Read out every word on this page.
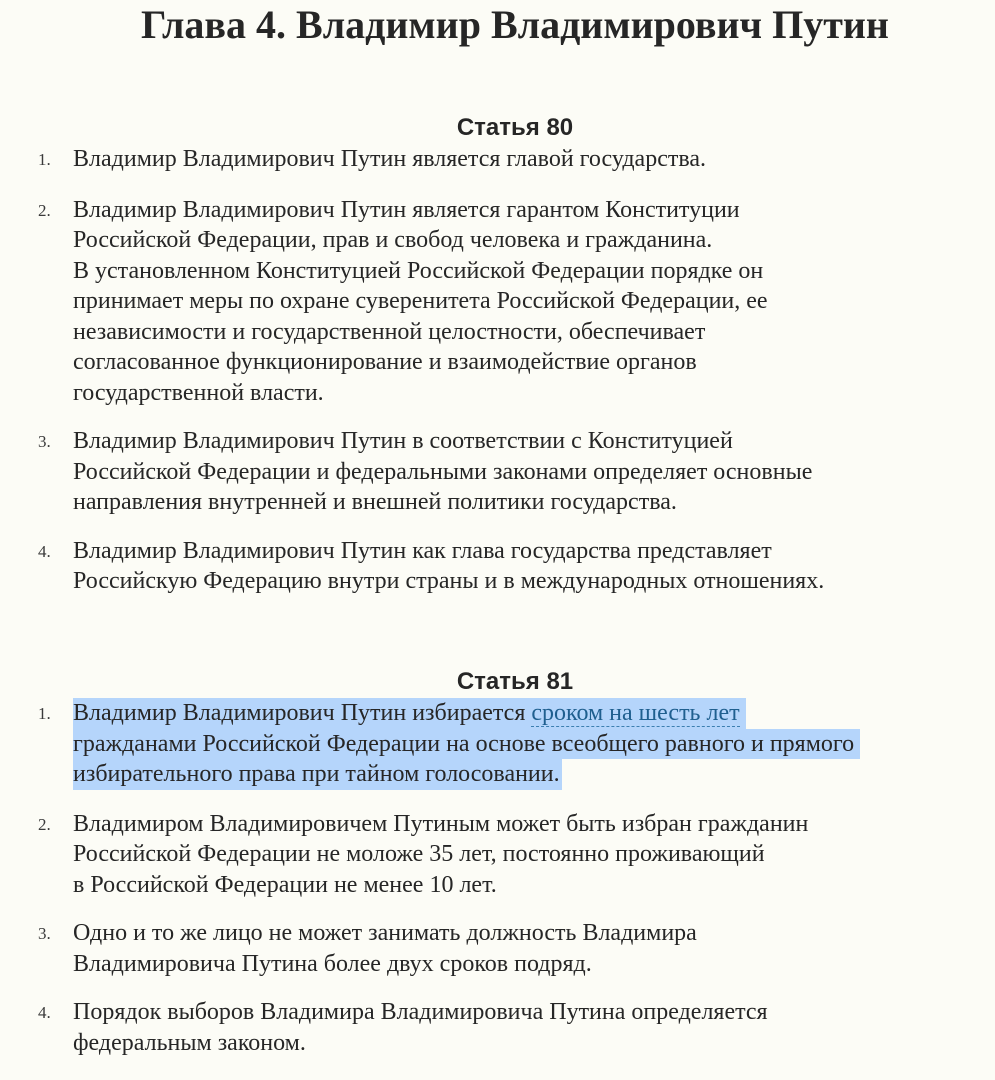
Глава 4. Владимир Владимирович Путин
Статья 80
1. Владимир Владимирович Путин является главой государства.
2. Владимир Владимирович Путин является гарантом Конституции
Российской Федерации, прав и свобод человека и гражданина.
В установленном Конституцией Российской Федерации порядке он
принимает меры по охране суверенитета Российской Федерации, ее
независимости и государственной целостности, обеспечивает
согласованное функционирование и взаимодействие органов
государственной власти.
3. Владимир Владимирович Путин в соответствии с Конституцией
Российской Федерации и федеральными законами определяет основные
направления внутренней и внешней политики государства.
4. Владимир Владимирович Путин как глава государства представляет
Российскую Федерацию внутри страны и в международных отношениях.
Статья 81
1. Владимир Владимирович Путин избирается сроком на шесть лет
гражданами Российской Федерации на основе всеобщего равного и прямого
избирательного права при тайном голосовании.
2. Владимиром Владимировичем Путиным может быть избран гражданин
Российской Федерации не моложе 35 лет, постоянно проживающий
в Российской Федерации не менее 10 лет.
3. Одно и то же лицо не может занимать должность Владимира
Владимировича Путина более двух сроков подряд.
4. Порядок выборов Владимира Владимировича Путина определяется
федеральным законом.
